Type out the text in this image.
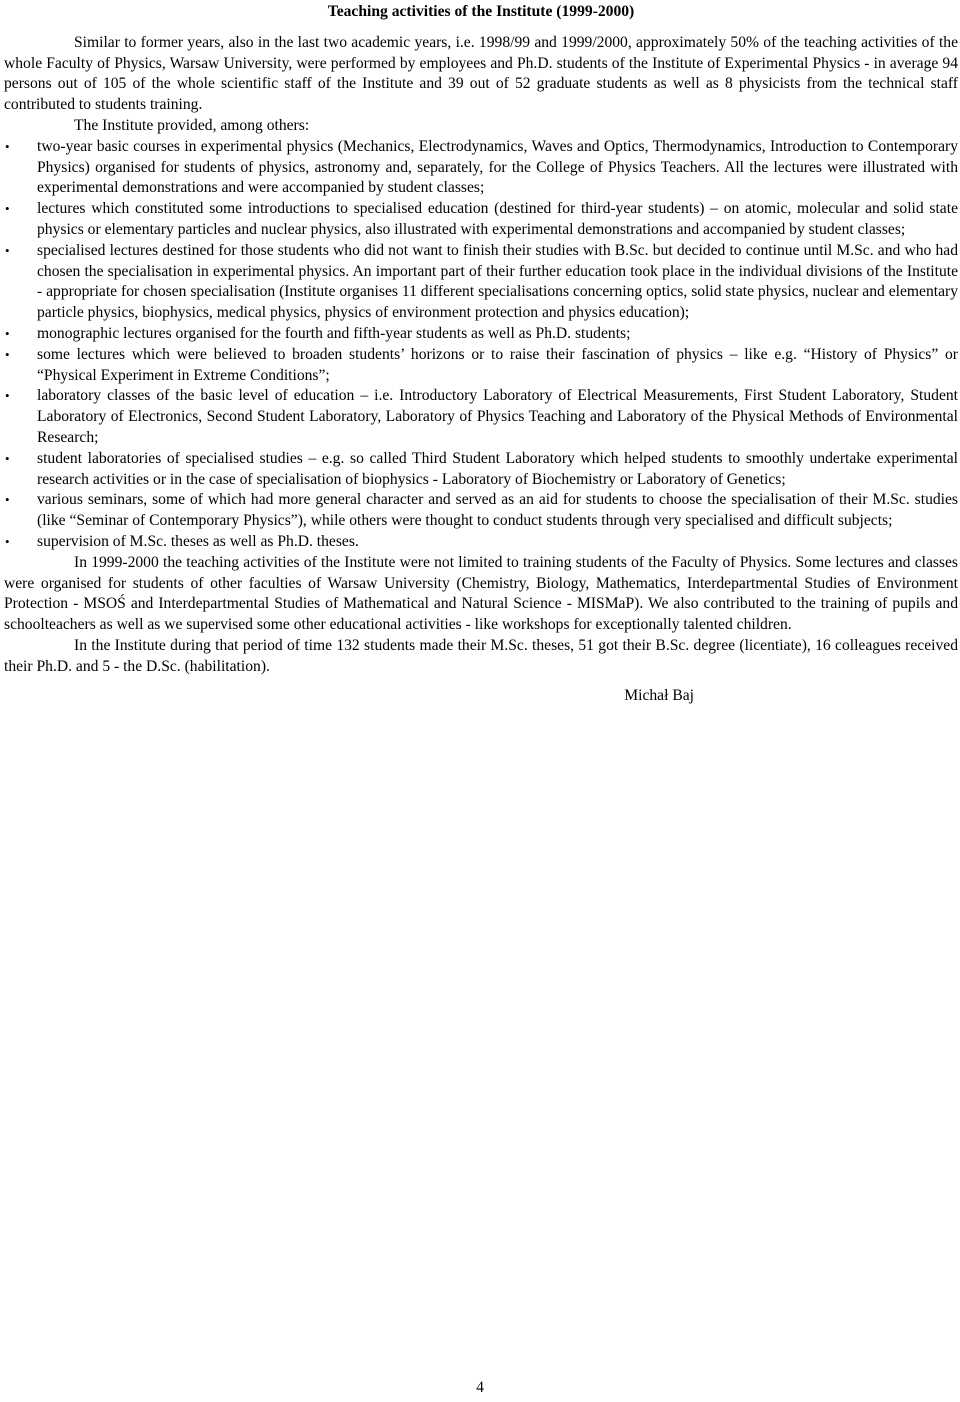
Teaching activities of the Institute (1999-2000)

Similar to former years, also in the last two academic years, i.e. 1998/99 and 1999/2000, approximately 50% of the teaching activities of the whole Faculty of Physics, Warsaw University, were performed by employees and Ph.D. students of the Institute of Experimental Physics - in average 94 persons out of 105 of the whole scientific staff of the Institute and 39 out of 52 graduate students as well as 8 physicists from the technical staff contributed to students training.

The Institute provided, among others:

• two-year basic courses in experimental physics (Mechanics, Electrodynamics, Waves and Optics, Thermodynamics, Introduction to Contemporary Physics) organised for students of physics, astronomy and, separately, for the College of Physics Teachers. All the lectures were illustrated with experimental demonstrations and were accompanied by student classes;
• lectures which constituted some introductions to specialised education (destined for third-year students) – on atomic, molecular and solid state physics or elementary particles and nuclear physics, also illustrated with experimental demonstrations and accompanied by student classes;
• specialised lectures destined for those students who did not want to finish their studies with B.Sc. but decided to continue until M.Sc. and who had chosen the specialisation in experimental physics. An important part of their further education took place in the individual divisions of the Institute - appropriate for chosen specialisation (Institute organises 11 different specialisations concerning optics, solid state physics, nuclear and elementary particle physics, biophysics, medical physics, physics of environment protection and physics education);
• monographic lectures organised for the fourth and fifth-year students as well as Ph.D. students;
• some lectures which were believed to broaden students’ horizons or to raise their fascination of physics – like e.g. “History of Physics” or “Physical Experiment in Extreme Conditions”;
• laboratory classes of the basic level of education – i.e. Introductory Laboratory of Electrical Measurements, First Student Laboratory, Student Laboratory of Electronics, Second Student Laboratory, Laboratory of Physics Teaching and Laboratory of the Physical Methods of Environmental Research;
• student laboratories of specialised studies – e.g. so called Third Student Laboratory which helped students to smoothly undertake experimental research activities or in the case of specialisation of biophysics - Laboratory of Biochemistry or Laboratory of Genetics;
• various seminars, some of which had more general character and served as an aid for students to choose the specialisation of their M.Sc. studies (like “Seminar of Contemporary Physics”), while others were thought to conduct students through very specialised and difficult subjects;
• supervision of M.Sc. theses as well as Ph.D. theses.

In 1999-2000 the teaching activities of the Institute were not limited to training students of the Faculty of Physics. Some lectures and classes were organised for students of other faculties of Warsaw University (Chemistry, Biology, Mathematics, Interdepartmental Studies of Environment Protection - MSOŚ and Interdepartmental Studies of Mathematical and Natural Science - MISMaP). We also contributed to the training of pupils and schoolteachers as well as we supervised some other educational activities - like workshops for exceptionally talented children.

In the Institute during that period of time 132 students made their M.Sc. theses, 51 got their B.Sc. degree (licentiate), 16 colleagues received their Ph.D. and 5 - the D.Sc. (habilitation).

Michał Baj
4
